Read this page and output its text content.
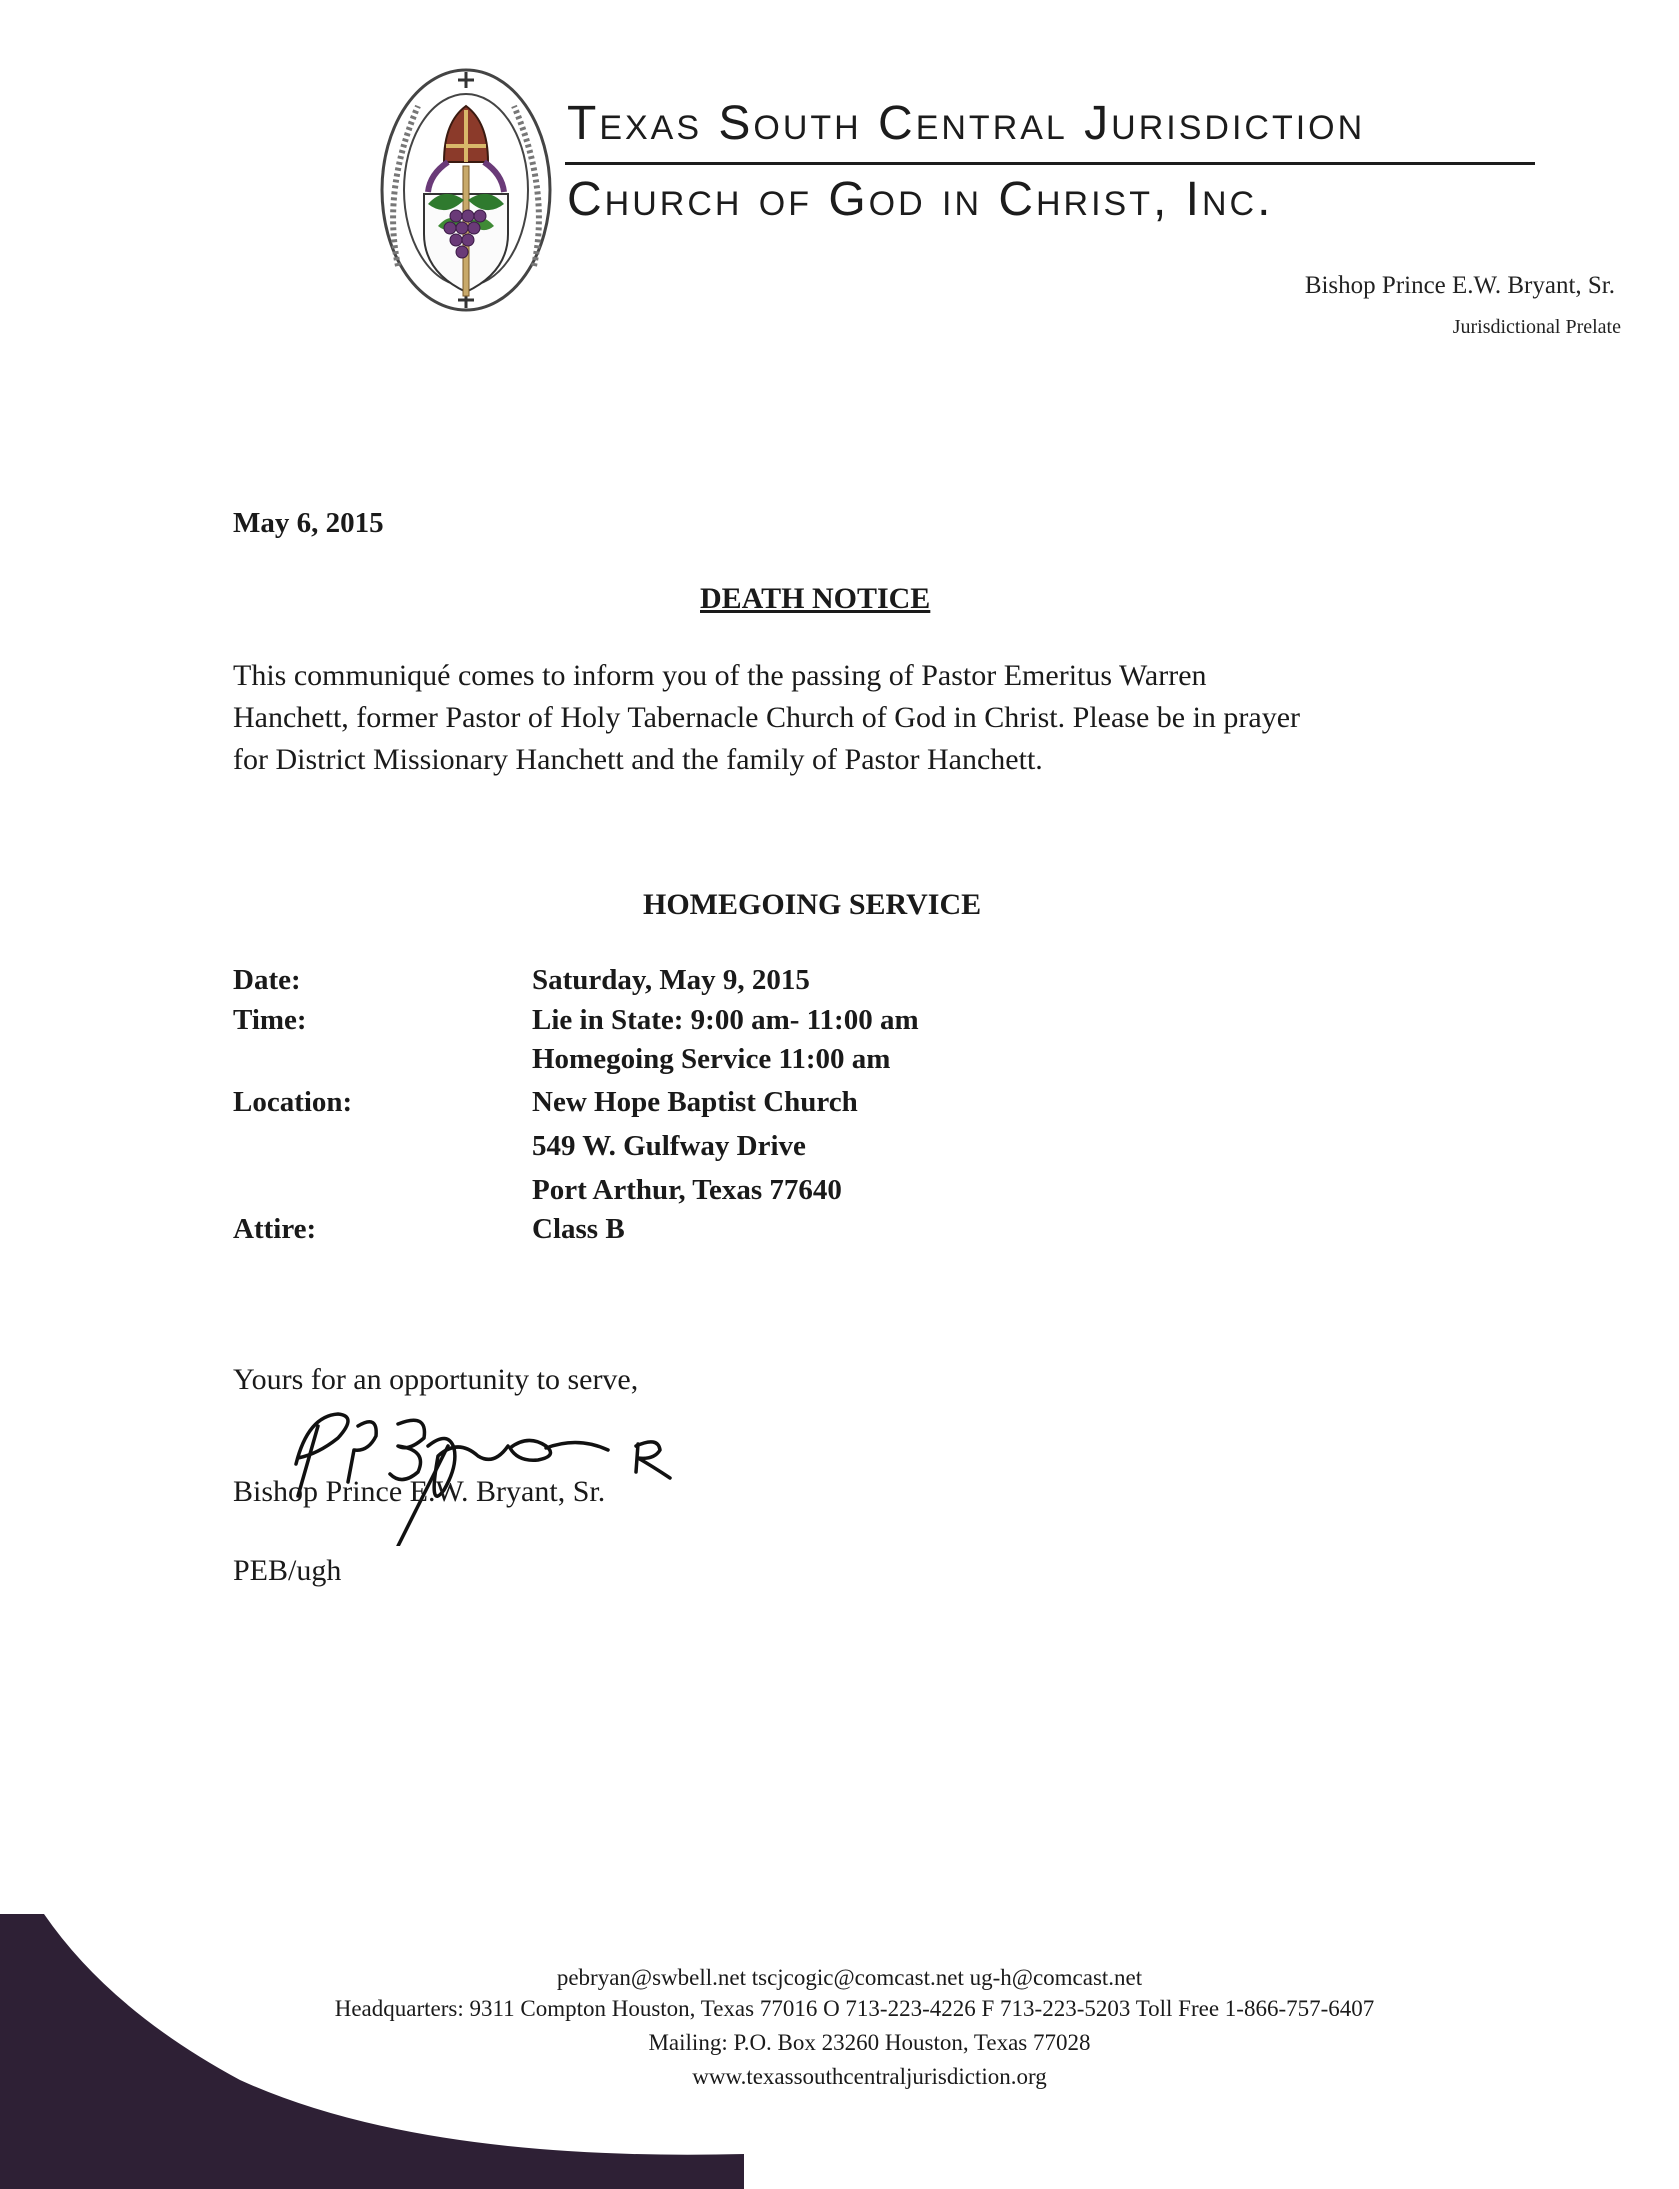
Texas South Central Jurisdiction
Church of God in Christ, Inc.
Bishop Prince E.W. Bryant, Sr.
Jurisdictional Prelate
May 6, 2015
DEATH NOTICE

This communiqué comes to inform you of the passing of Pastor Emeritus Warren
Hanchett, former Pastor of Holy Tabernacle Church of God in Christ. Please be in prayer
for District Missionary Hanchett and the family of Pastor Hanchett.

HOMEGOING SERVICE
Date:	Saturday, May 9, 2015
Time:	Lie in State: 9:00 am- 11:00 am
Homegoing Service 11:00 am
Location:	New Hope Baptist Church
549 W. Gulfway Drive
Port Arthur, Texas 77640
Attire:	Class B
Yours for an opportunity to serve,
Bishop Prince E.W. Bryant, Sr.
PEB/ugh
pebryan@swbell.net tscjcogic@comcast.net ug-h@comcast.net
Headquarters: 9311 Compton Houston, Texas 77016 O 713-223-4226 F 713-223-5203 Toll Free 1-866-757-6407
Mailing: P.O. Box 23260 Houston, Texas 77028
www.texassouthcentraljurisdiction.org
